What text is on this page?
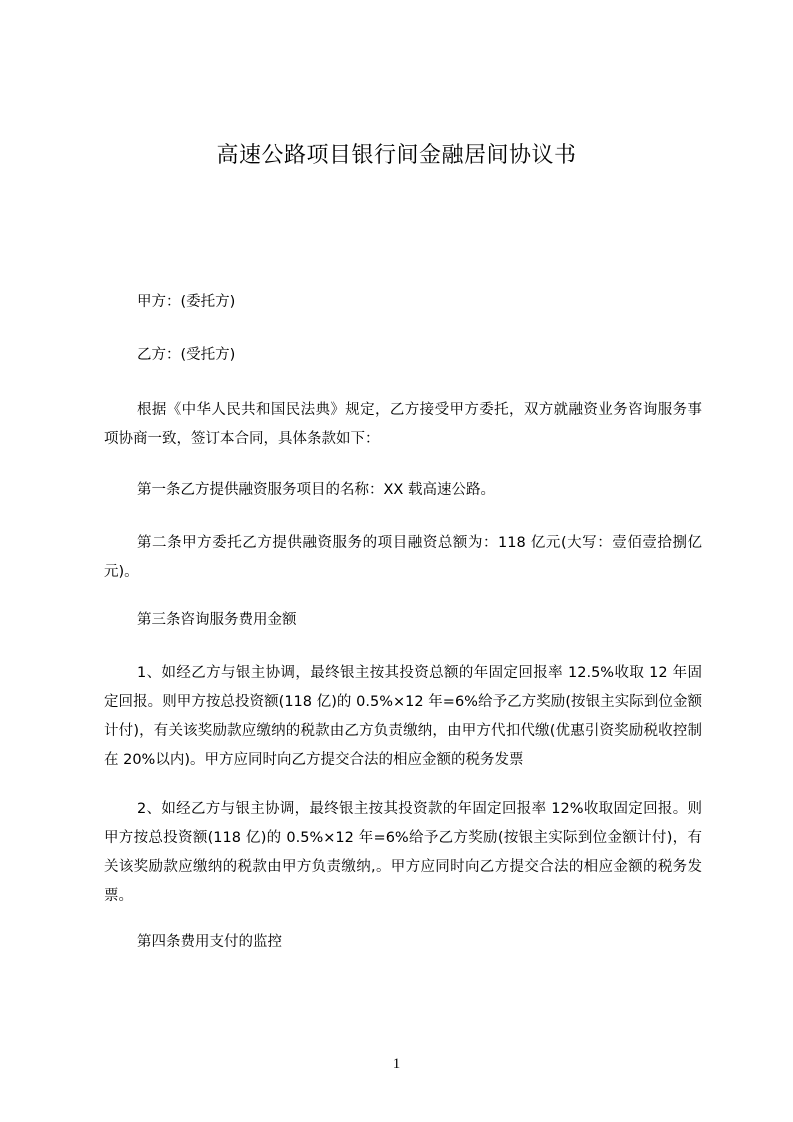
高速公路项目银行间金融居间协议书
甲方：(委托方)
乙方：(受托方)
根据《中华人民共和国民法典》规定，乙方接受甲方委托，双方就融资业务咨询服务事项协商一致，签订本合同，具体条款如下：
第一条乙方提供融资服务项目的名称：XX 载高速公路。
第二条甲方委托乙方提供融资服务的项目融资总额为：118 亿元(大写：壹佰壹拾捌亿元)。
第三条咨询服务费用金额
1、如经乙方与银主协调，最终银主按其投资总额的年固定回报率 12.5%收取 12 年固定回报。则甲方按总投资额(118 亿)的 0.5%×12 年=6%给予乙方奖励(按银主实际到位金额计付)，有关该奖励款应缴纳的税款由乙方负责缴纳，由甲方代扣代缴(优惠引资奖励税收控制在 20%以内)。甲方应同时向乙方提交合法的相应金额的税务发票
2、如经乙方与银主协调，最终银主按其投资款的年固定回报率 12%收取固定回报。则甲方按总投资额(118 亿)的 0.5%×12 年=6%给予乙方奖励(按银主实际到位金额计付)，有关该奖励款应缴纳的税款由甲方负责缴纳,。甲方应同时向乙方提交合法的相应金额的税务发票。
第四条费用支付的监控
1
